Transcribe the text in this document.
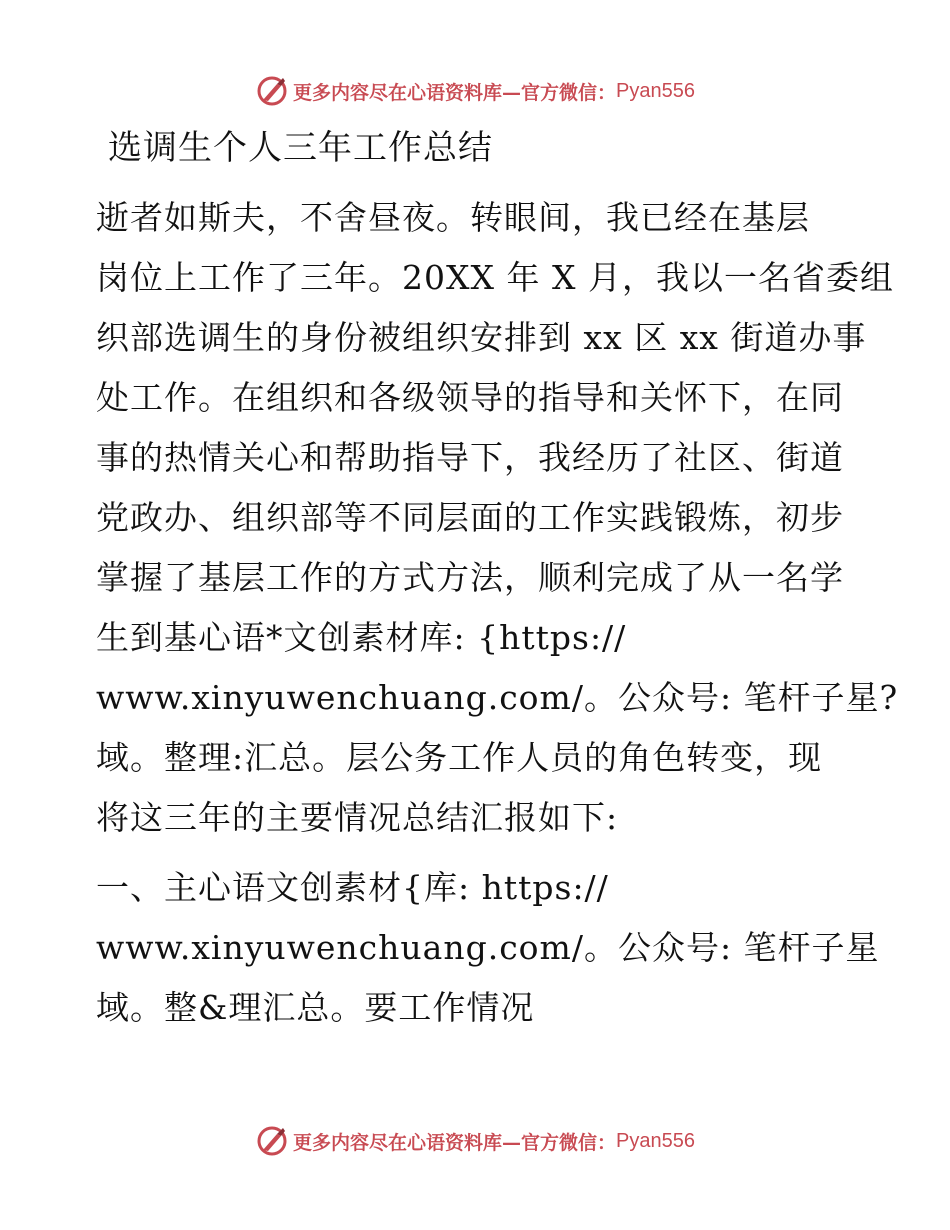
更多内容尽在心语资料库—官方微信： Pyan556
选调生个人三年工作总结
逝者如斯夫，不舍昼夜。转眼间，我已经在基层
岗位上工作了三年。20XX 年 X 月，我以一名省委组
织部选调生的身份被组织安排到 xx 区 xx 街道办事
处工作。在组织和各级领导的指导和关怀下，在同
事的热情关心和帮助指导下，我经历了社区、街道
党政办、组织部等不同层面的工作实践锻炼，初步
掌握了基层工作的方式方法，顺利完成了从一名学
生到基心语*文创素材库: {https://
www.xinyuwenchuang.com/。公众号: 笔杆子星?
域。整理:汇总。层公务工作人员的角色转变，现
将这三年的主要情况总结汇报如下:
一、主心语文创素材{库: https://
www.xinyuwenchuang.com/。公众号: 笔杆子星
域。整&理汇总。要工作情况
更多内容尽在心语资料库—官方微信： Pyan556
